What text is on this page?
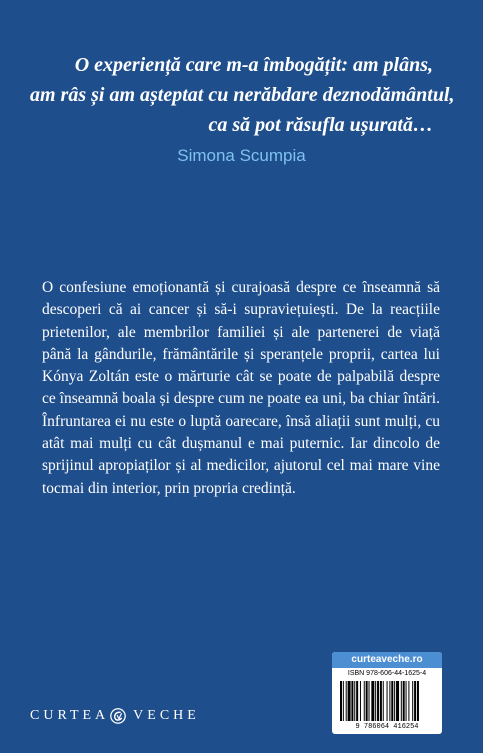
O experiență care m-a îmbogățit: am plâns,
am râs și am așteptat cu nerăbdare deznodământul,
ca să pot răsufla ușurată…
Simona Scumpia
O confesiune emoționantă și curajoasă despre ce înseamnă să descoperi că ai cancer și să-i supraviețuiești. De la reacțiile prietenilor, ale membrilor familiei și ale partenerei de viață până la gândurile, frământările și speranțele proprii, cartea lui Kónya Zoltán este o mărturie cât se poate de palpabilă despre ce înseamnă boala și despre cum ne poate ea uni, ba chiar întări. Înfruntarea ei nu este o luptă oarecare, însă aliații sunt mulți, cu atât mai mulți cu cât dușmanul e mai puternic. Iar dincolo de sprijinul apropiaților și al medicilor, ajutorul cel mai mare vine tocmai din interior, prin propria credință.
CURTEA VECHE
curteaveche.ro
ISBN 978-606-44-1625-4
9 786064 416254
